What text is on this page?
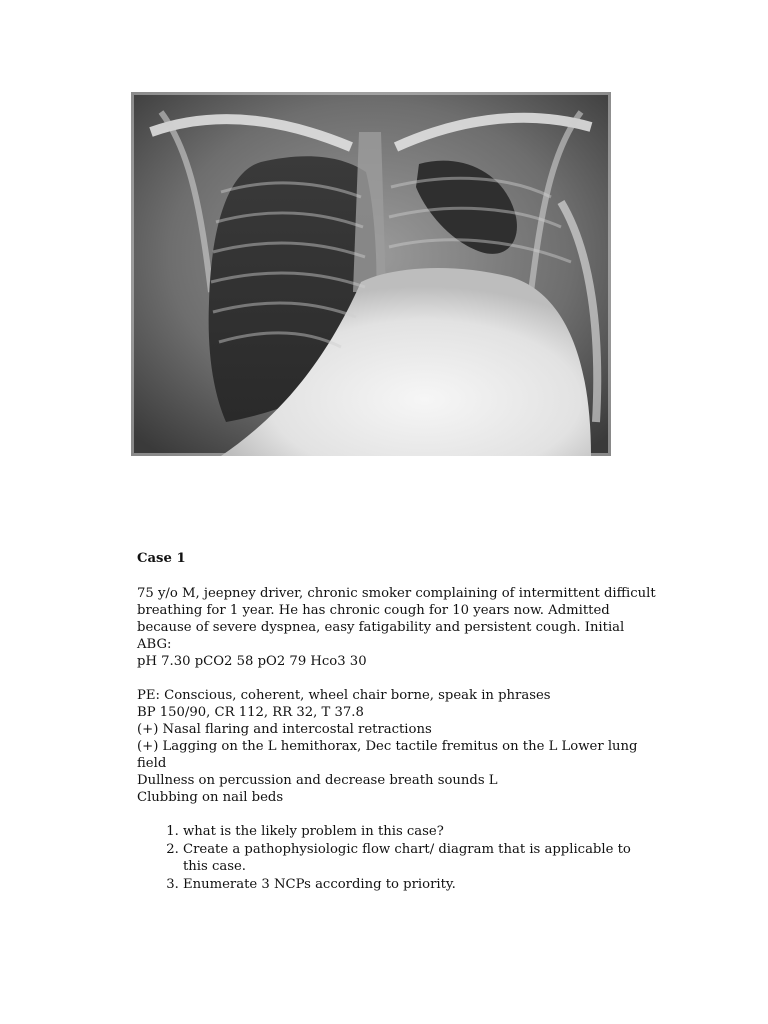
Case 1

75 y/o M, jeepney driver, chronic smoker complaining of intermittent difficult
breathing for 1 year. He has chronic cough for 10 years now. Admitted
because of severe dyspnea, easy fatigability and persistent cough. Initial ABG:
pH 7.30 pCO2 58 pO2 79 Hco3 30
PE: Conscious, coherent, wheel chair borne, speak in phrases
BP 150/90, CR 112, RR 32, T 37.8
(+) Nasal flaring and intercostal retractions
(+) Lagging on the L hemithorax, Dec tactile fremitus on the L Lower lung field
Dullness on percussion and decrease breath sounds L
Clubbing on nail beds
1. what is the likely problem in this case?
2. Create a pathophysiologic flow chart/ diagram that is applicable to this case.
3. Enumerate 3 NCPs according to priority.
